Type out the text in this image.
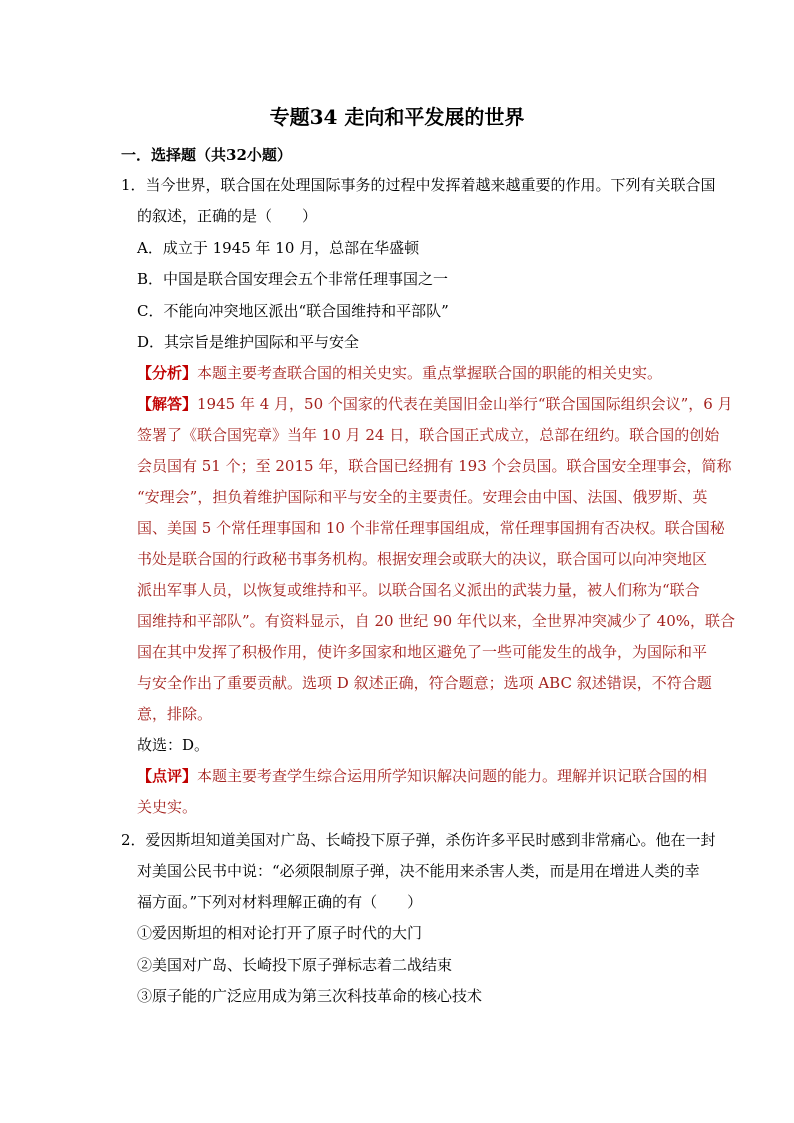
专题34 走向和平发展的世界
一．选择题（共32小题）
1．当今世界，联合国在处理国际事务的过程中发挥着越来越重要的作用。下列有关联合国
的叙述，正确的是（　　）
A．成立于 1945 年 10 月，总部在华盛顿
B．中国是联合国安理会五个非常任理事国之一
C．不能向冲突地区派出“联合国维持和平部队”
D．其宗旨是维护国际和平与安全
【分析】本题主要考查联合国的相关史实。重点掌握联合国的职能的相关史实。
【解答】1945 年 4 月，50 个国家的代表在美国旧金山举行“联合国国际组织会议”，6 月
签署了《联合国宪章》当年 10 月 24 日，联合国正式成立，总部在纽约。联合国的创始
会员国有 51 个；至 2015 年，联合国已经拥有 193 个会员国。联合国安全理事会，简称
“安理会”，担负着维护国际和平与安全的主要责任。安理会由中国、法国、俄罗斯、英
国、美国 5 个常任理事国和 10 个非常任理事国组成，常任理事国拥有否决权。联合国秘
书处是联合国的行政秘书事务机构。根据安理会或联大的决议，联合国可以向冲突地区
派出军事人员，以恢复或维持和平。以联合国名义派出的武装力量，被人们称为“联合
国维持和平部队”。有资料显示，自 20 世纪 90 年代以来，全世界冲突减少了 40%，联合
国在其中发挥了积极作用，使许多国家和地区避免了一些可能发生的战争，为国际和平
与安全作出了重要贡献。选项 D 叙述正确，符合题意；选项 ABC 叙述错误，不符合题
意，排除。
故选：D。
【点评】本题主要考查学生综合运用所学知识解决问题的能力。理解并识记联合国的相
关史实。
2．爱因斯坦知道美国对广岛、长崎投下原子弹，杀伤许多平民时感到非常痛心。他在一封
对美国公民书中说：“必须限制原子弹，决不能用来杀害人类，而是用在增进人类的幸
福方面。”下列对材料理解正确的有（　　）
①爱因斯坦的相对论打开了原子时代的大门
②美国对广岛、长崎投下原子弹标志着二战结束
③原子能的广泛应用成为第三次科技革命的核心技术
